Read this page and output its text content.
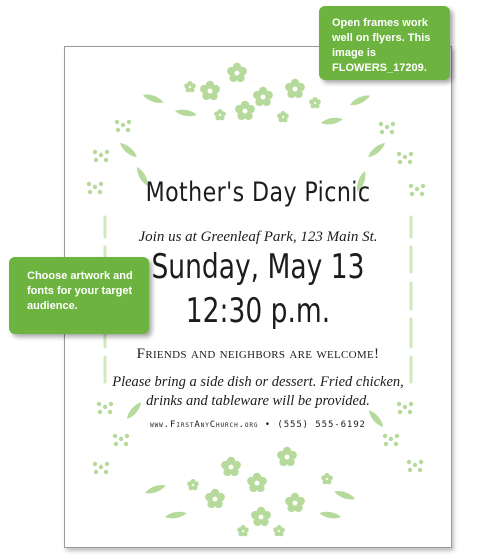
Mother's Day Picnic
Join us at Greenleaf Park, 123 Main St.
Sunday, May 13
12:30 p.m.
Friends and neighbors are welcome!
Please bring a side dish or dessert. Fried chicken, drinks and tableware will be provided.
www.FirstAnyChurch.org • (555) 555-6192
Open frames work well on flyers. This image is FLOWERS_17209.
Choose artwork and fonts for your target audience.
